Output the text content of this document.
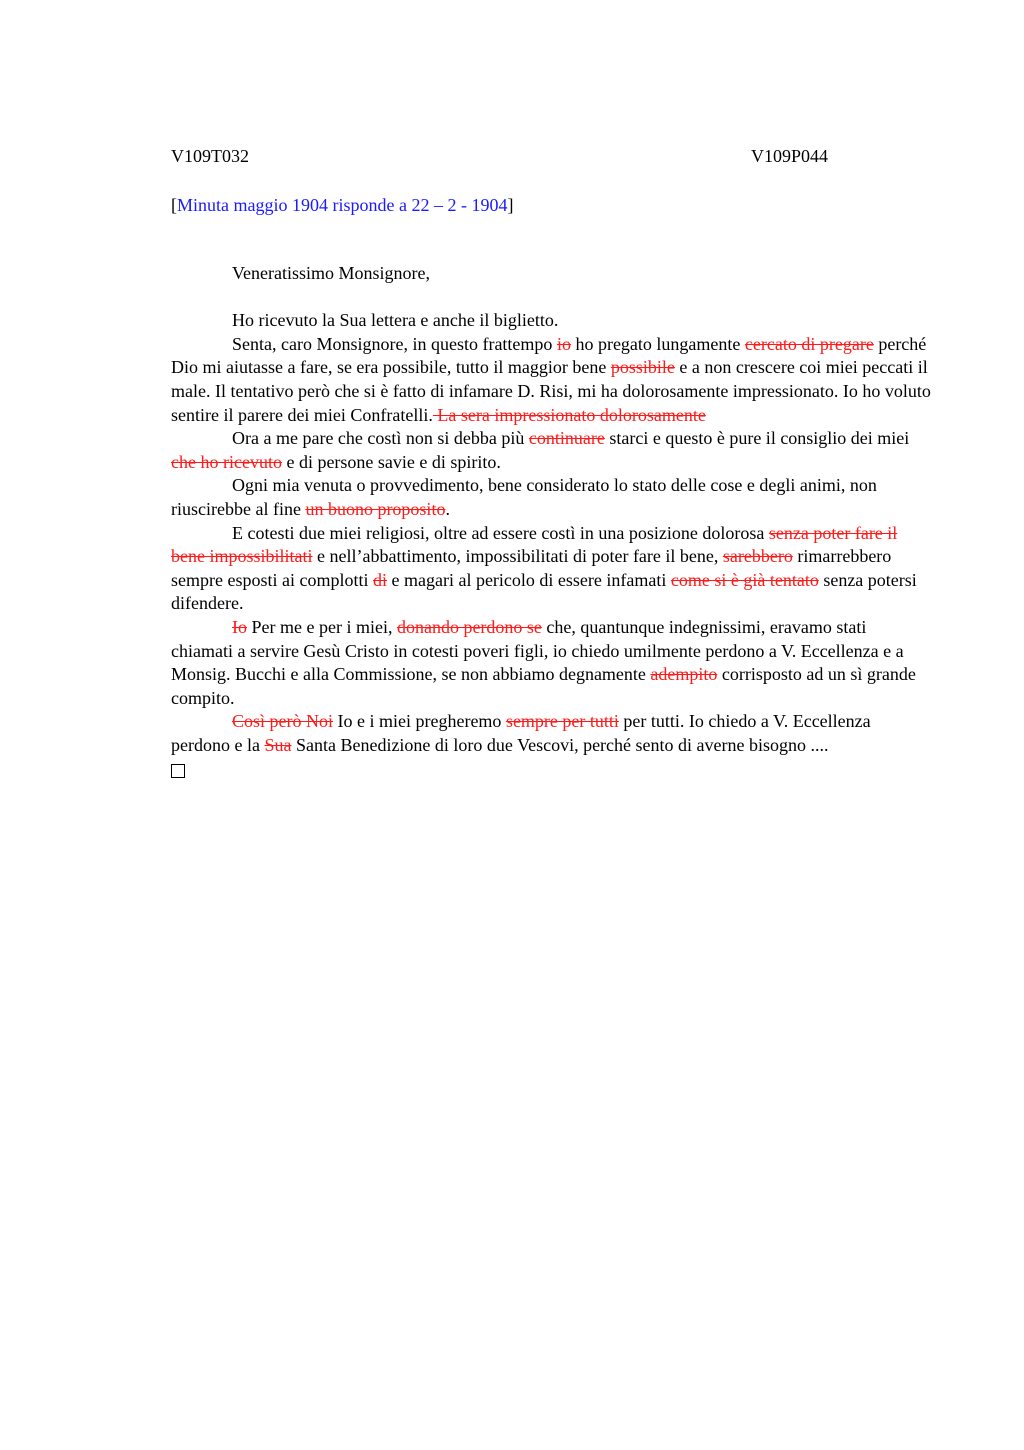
V109T032	V109P044
[Minuta maggio 1904 risponde a 22 – 2 - 1904]
Veneratissimo Monsignore,

Ho ricevuto la Sua lettera e anche il biglietto.

Senta, caro Monsignore, in questo frattempo io ho pregato lungamente cercato di pregare perché Dio mi aiutasse a fare, se era possibile, tutto il maggior bene possibile e a non crescere coi miei peccati il male. Il tentativo però che si è fatto di infamare D. Risi, mi ha dolorosamente impressionato. Io ho voluto sentire il parere dei miei Confratelli. La sera impressionato dolorosamente

Ora a me pare che costì non si debba più continuare starci e questo è pure il consiglio dei miei che ho ricevuto e di persone savie e di spirito.

Ogni mia venuta o provvedimento, bene considerato lo stato delle cose e degli animi, non riuscirebbe al fine un buono proposito.

E cotesti due miei religiosi, oltre ad essere costì in una posizione dolorosa senza poter fare il bene impossibilitati e nell’abbattimento, impossibilitati di poter fare il bene, sarebbero rimarrebbero sempre esposti ai complotti di e magari al pericolo di essere infamati come si è già tentato senza potersi difendere.

Io Per me e per i miei, donando perdono se che, quantunque indegnissimi, eravamo stati chiamati a servire Gesù Cristo in cotesti poveri figli, io chiedo umilmente perdono a V. Eccellenza e a Monsig. Bucchi e alla Commissione, se non abbiamo degnamente adempito corrisposto ad un sì grande compito.

Così però Noi Io e i miei pregheremo sempre per tutti per tutti. Io chiedo a V. Eccellenza perdono e la Sua Santa Benedizione di loro due Vescovi, perché sento di averne bisogno ....
